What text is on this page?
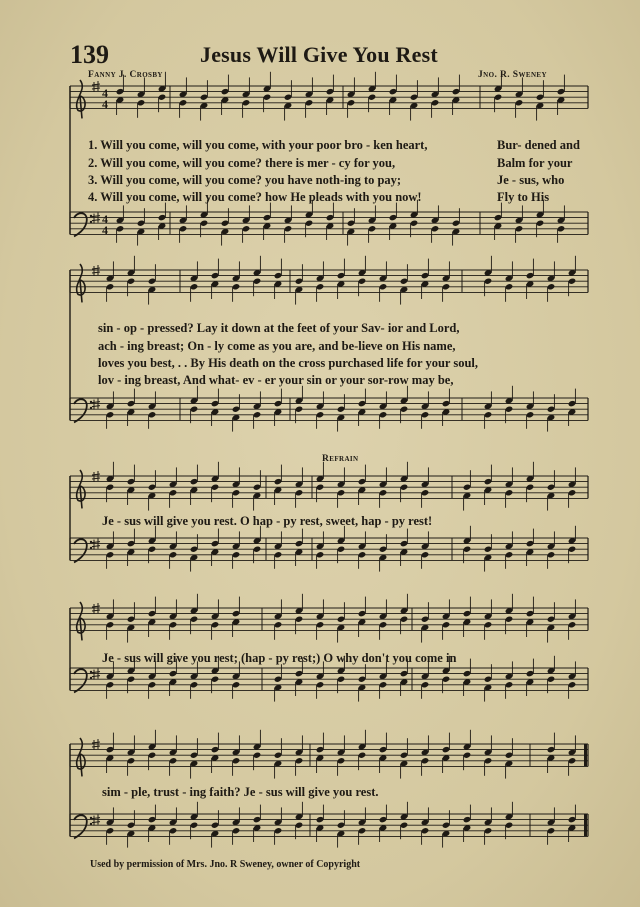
4
4
4
4
139	Jesus Will Give You Rest
Fanny J. Crosby	Jno. R. Sweney
1. Will you come, will you come, with your poor bro - ken heart,	Bur- dened and
2. Will you come, will you come? there is mer - cy for you,	Balm for your
3. Will you come, will you come? you have noth-ing to pay;	Je - sus, who
4. Will you come, will you come? how He pleads with you now!	Fly to His
sin - op - pressed? Lay it down at the feet of your Sav- ior and Lord,
ach - ing breast; On - ly come as you are, and be-lieve on His name,
loves you best, . . By His death on the cross purchased life for your soul,
lov - ing breast, And what- ev - er your sin or your sor-row may be,
Refrain
Je - sus will give you rest. O hap - py rest, sweet, hap - py rest!
Je - sus will give you rest; (hap - py rest;) O why don't you come in
sim - ple, trust - ing faith? Je - sus will give you rest.
Used by permission of Mrs. Jno. R Sweney, owner of Copyright
